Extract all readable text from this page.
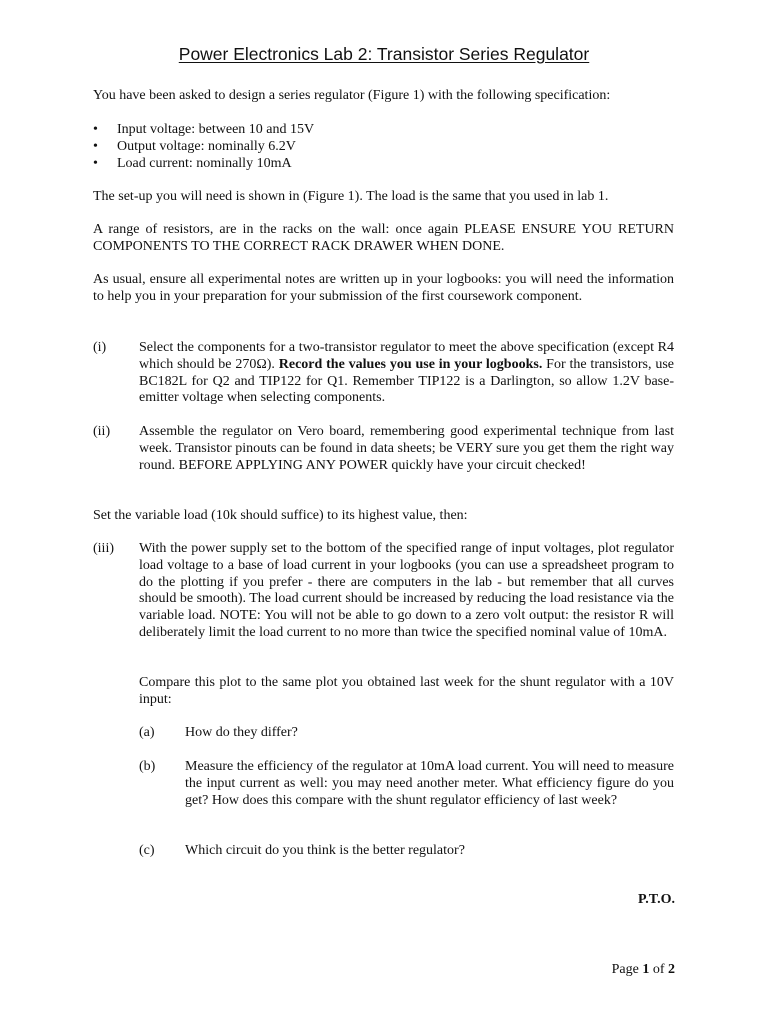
Power Electronics Lab 2: Transistor Series Regulator
You have been asked to design a series regulator (Figure 1) with the following specification:
• Input voltage: between 10 and 15V
• Output voltage: nominally 6.2V
• Load current: nominally 10mA
The set-up you will need is shown in (Figure 1). The load is the same that you used in lab 1.
A range of resistors, are in the racks on the wall: once again PLEASE ENSURE YOU RETURN COMPONENTS TO THE CORRECT RACK DRAWER WHEN DONE.
As usual, ensure all experimental notes are written up in your logbooks: you will need the information to help you in your preparation for your submission of the first coursework component.
(i) Select the components for a two-transistor regulator to meet the above specification (except R4 which should be 270Ω). Record the values you use in your logbooks. For the transistors, use BC182L for Q2 and TIP122 for Q1. Remember TIP122 is a Darlington, so allow 1.2V base-emitter voltage when selecting components.
(ii) Assemble the regulator on Vero board, remembering good experimental technique from last week. Transistor pinouts can be found in data sheets; be VERY sure you get them the right way round. BEFORE APPLYING ANY POWER quickly have your circuit checked!
Set the variable load (10k should suffice) to its highest value, then:
(iii) With the power supply set to the bottom of the specified range of input voltages, plot regulator load voltage to a base of load current in your logbooks (you can use a spreadsheet program to do the plotting if you prefer - there are computers in the lab - but remember that all curves should be smooth). The load current should be increased by reducing the load resistance via the variable load. NOTE: You will not be able to go down to a zero volt output: the resistor R will deliberately limit the load current to no more than twice the specified nominal value of 10mA.
Compare this plot to the same plot you obtained last week for the shunt regulator with a 10V input:
(a) How do they differ?
(b) Measure the efficiency of the regulator at 10mA load current. You will need to measure the input current as well: you may need another meter. What efficiency figure do you get? How does this compare with the shunt regulator efficiency of last week?
(c) Which circuit do you think is the better regulator?
P.T.O.
Page 1 of 2
